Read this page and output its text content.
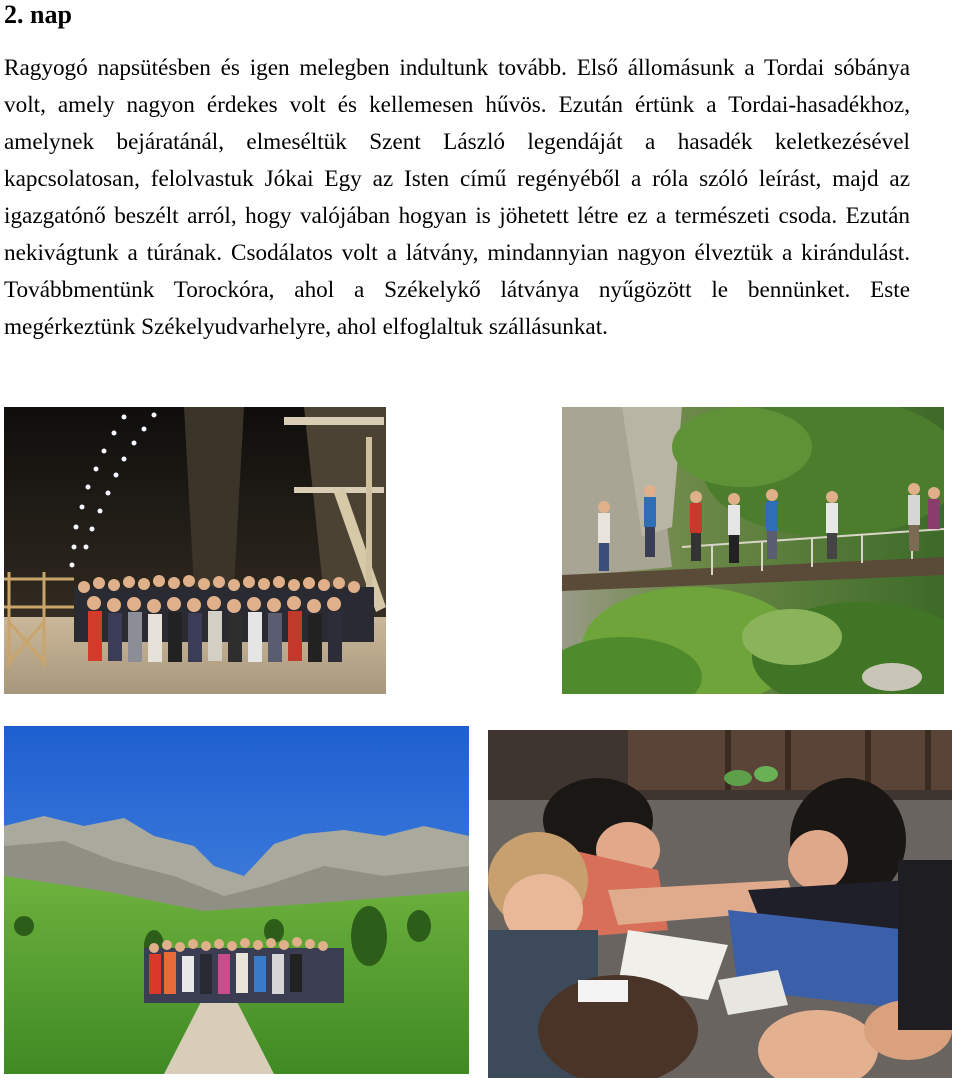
2. nap

Ragyogó napsütésben és igen melegben indultunk tovább. Első állomásunk a Tordai sóbánya volt, amely nagyon érdekes volt és kellemesen hűvös. Ezután értünk a Tordai-hasadékhoz, amelynek bejáratánál, elmeséltük Szent László legendáját a hasadék keletkezésével kapcsolatosan, felolvastuk Jókai Egy az Isten című regényéből a róla szóló leírást, majd az igazgatónő beszélt arról, hogy valójában hogyan is jöhetett létre ez a természeti csoda. Ezután nekivágtunk a túrának. Csodálatos volt a látvány, mindannyian nagyon élveztük a kirándulást. Továbbmentünk Torockóra, ahol a Székelykő látványa nyűgözött le bennünket. Este megérkeztünk Székelyudvarhelyre, ahol elfoglaltuk szállásunkat.
